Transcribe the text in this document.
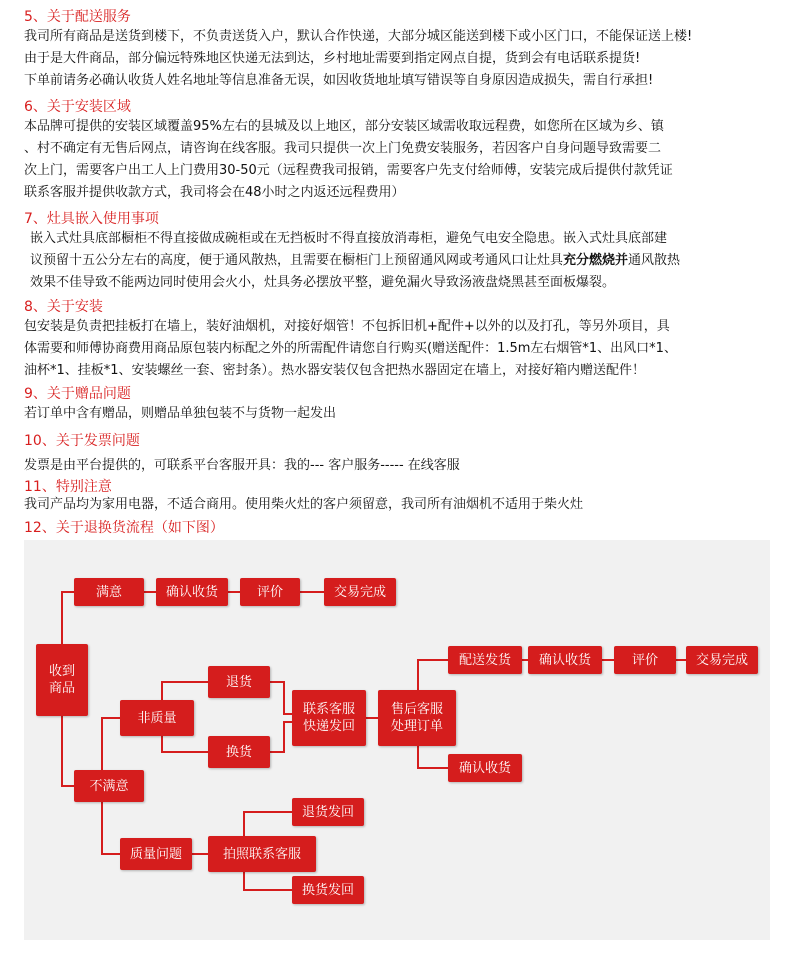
5、关于配送服务
我司所有商品是送货到楼下，不负责送货入户，默认合作快递，大部分城区能送到楼下或小区门口，不能保证送上楼!
由于是大件商品，部分偏远特殊地区快递无法到达，乡村地址需要到指定网点自提，货到会有电话联系提货!
下单前请务必确认收货人姓名地址等信息准备无误，如因收货地址填写错误等自身原因造成损失，需自行承担!
6、关于安装区域
本品牌可提供的安装区域覆盖95%左右的县城及以上地区，部分安装区域需收取远程费，如您所在区域为乡、镇
、村不确定有无售后网点，请咨询在线客服。我司只提供一次上门免费安装服务，若因客户自身问题导致需要二
次上门，需要客户出工人上门费用30-50元（远程费我司报销，需要客户先支付给师傅，安装完成后提供付款凭证
联系客服并提供收款方式，我司将会在48小时之内返还远程费用）
7、灶具嵌入使用事项
嵌入式灶具底部橱柜不得直接做成碗柜或在无挡板时不得直接放消毒柜，避免气电安全隐患。嵌入式灶具底部建
议预留十五公分左右的高度，便于通风散热，且需要在橱柜门上预留通风网或考通风口让灶具充分燃烧并通风散热
效果不佳导致不能两边同时使用会火小，灶具务必摆放平整，避免漏火导致汤液盘烧黑甚至面板爆裂。
8、关于安装
包安装是负责把挂板打在墙上，装好油烟机，对接好烟管！不包拆旧机+配件+以外的以及打孔，等另外项目，具
体需要和师傅协商费用商品原包装内标配之外的所需配件请您自行购买(赠送配件：1.5m左右烟管*1、出风口*1、
油杯*1、挂板*1、安装螺丝一套、密封条）。热水器安装仅包含把热水器固定在墙上，对接好箱内赠送配件！
9、关于赠品问题
若订单中含有赠品，则赠品单独包装不与货物一起发出
10、关于发票问题
发票是由平台提供的，可联系平台客服开具：我的--- 客户服务----- 在线客服
11、特别注意
我司产品均为家用电器，不适合商用。使用柴火灶的客户须留意，我司所有油烟机不适用于柴火灶
12、关于退换货流程（如下图）
收到
商品
满意	确认收货	评价	交易完成
不满意
非质量
退货
换货
联系客服
快递发回
售后客服
处理订单
配送发货	确认收货	评价	交易完成
确认收货
质量问题	拍照联系客服
退货发回
换货发回
